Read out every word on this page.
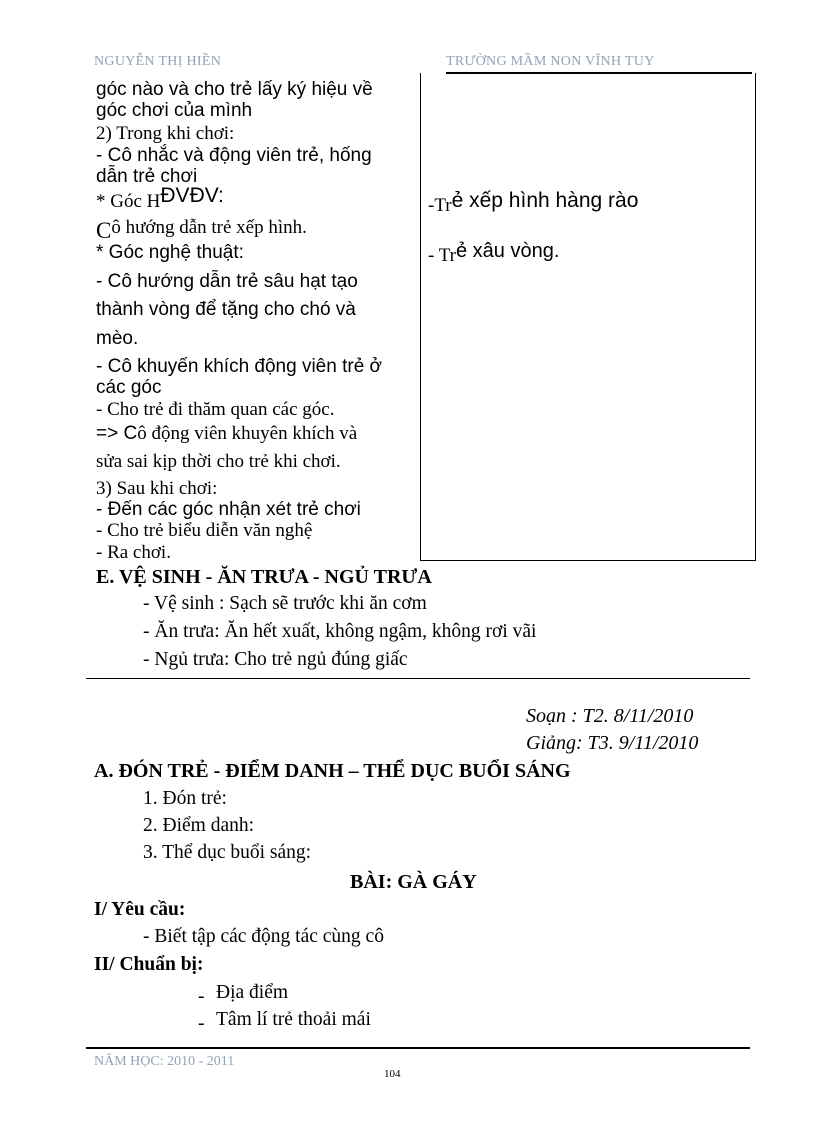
NGUYỄN THỊ HIỀN	TRƯỜNG MẦM NON VĨNH TUY
góc nào và cho trẻ lấy ký hiệu về
góc chơi của mình
2) Trong khi chơi:
- Cô nhắc và động viên trẻ, hống
dẫn trẻ chơi
* Góc HĐVĐV:
Cô hướng dẫn trẻ xếp hình.
* Góc nghệ thuật:
- Cô hướng dẫn trẻ sâu hạt tạo
thành vòng để tặng cho chó và
mèo.
- Cô khuyến khích động viên trẻ ở
các góc
- Cho trẻ đi thăm quan các góc.
=> Cô động viên khuyên khích và
sửa sai kịp thời cho trẻ khi chơi.
3) Sau khi chơi:
- Đến các góc nhận xét trẻ chơi
- Cho trẻ biểu diễn văn nghệ
- Ra chơi.
-Trẻ xếp hình hàng rào
- Trẻ xâu vòng.
E. VỆ SINH - ĂN TRƯA - NGỦ TRƯA
- Vệ sinh : Sạch sẽ trước khi ăn cơm
- Ăn trưa: Ăn hết xuất, không ngậm, không rơi vãi
- Ngủ trưa: Cho trẻ ngủ đúng giấc
Soạn : T2. 8/11/2010
Giảng: T3. 9/11/2010
A. ĐÓN TRẺ - ĐIỂM DANH – THỂ DỤC BUỔI SÁNG
1. Đón trẻ:
2. Điểm danh:
3. Thể dục buổi sáng:
BÀI: GÀ GÁY
I/ Yêu cầu:
- Biết tập các động tác cùng cô
II/ Chuẩn bị:
- Địa điểm
- Tâm lí trẻ thoải mái
NĂM HỌC: 2010 - 2011
104
